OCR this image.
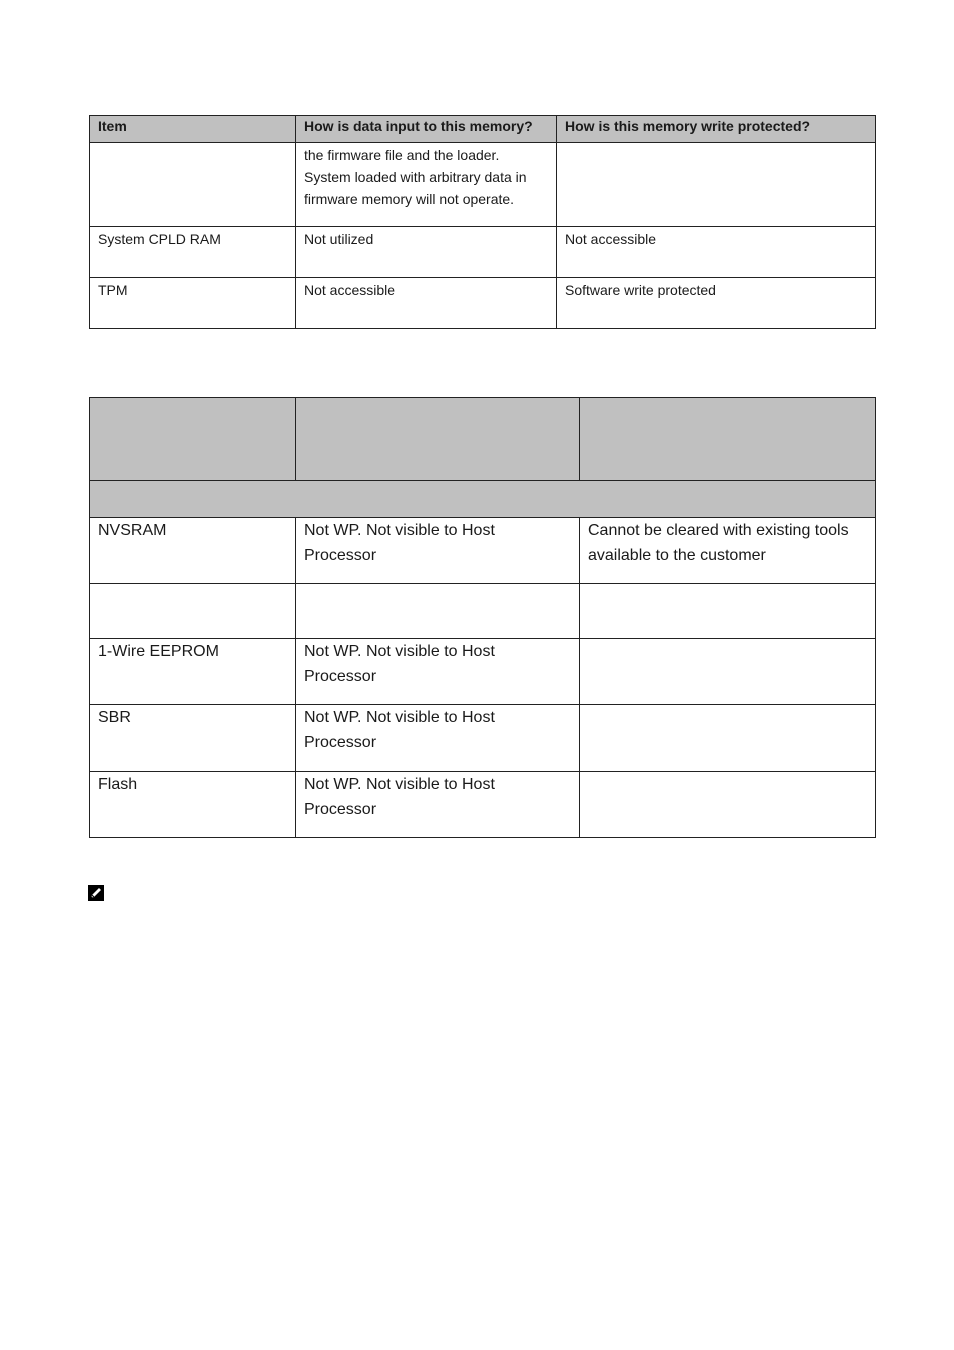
Item	How is data input to this memory?	How is this memory write protected?
	the firmware file and the loader. System loaded with arbitrary data in firmware memory will not operate.	
System CPLD RAM	Not utilized	Not accessible
TPM	Not accessible	Software write protected

NVSRAM	Not WP. Not visible to Host Processor	Cannot be cleared with existing tools available to the customer

1-Wire EEPROM	Not WP. Not visible to Host Processor	
SBR	Not WP. Not visible to Host Processor	
Flash	Not WP. Not visible to Host Processor	
